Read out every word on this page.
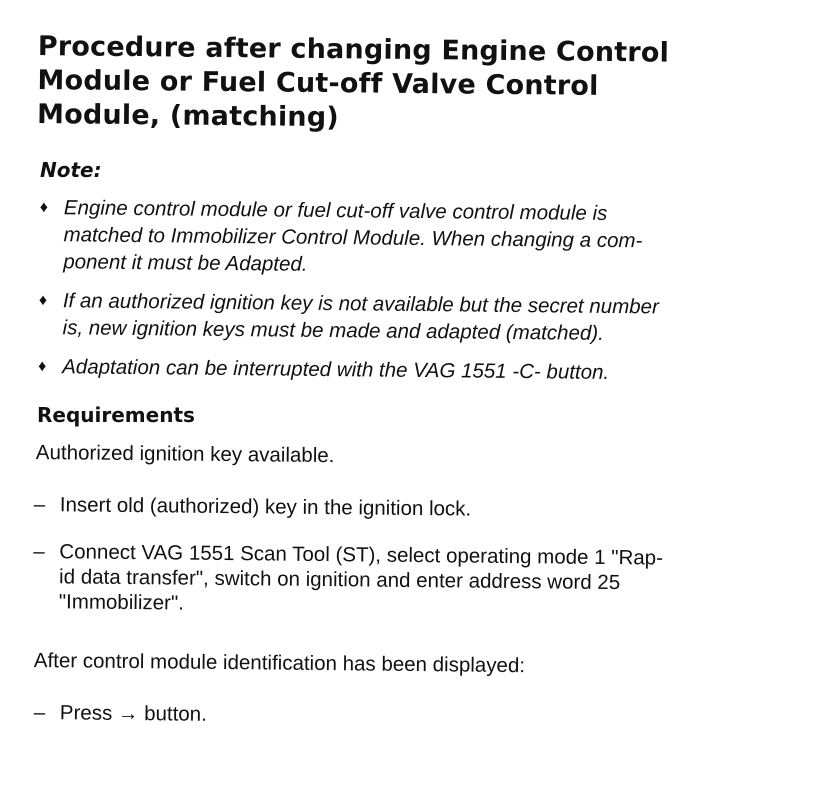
Procedure after changing Engine Control
Module or Fuel Cut-off Valve Control
Module, (matching)
Note:
♦ Engine control module or fuel cut-off valve control module is
matched to Immobilizer Control Module. When changing a com-
ponent it must be Adapted.
♦ If an authorized ignition key is not available but the secret number
is, new ignition keys must be made and adapted (matched).
♦ Adaptation can be interrupted with the VAG 1551 -C- button.
Requirements

Authorized ignition key available.

– Insert old (authorized) key in the ignition lock.
– Connect VAG 1551 Scan Tool (ST), select operating mode 1 "Rap-
id data transfer", switch on ignition and enter address word 25
"Immobilizer".

After control module identification has been displayed:

– Press → button.
